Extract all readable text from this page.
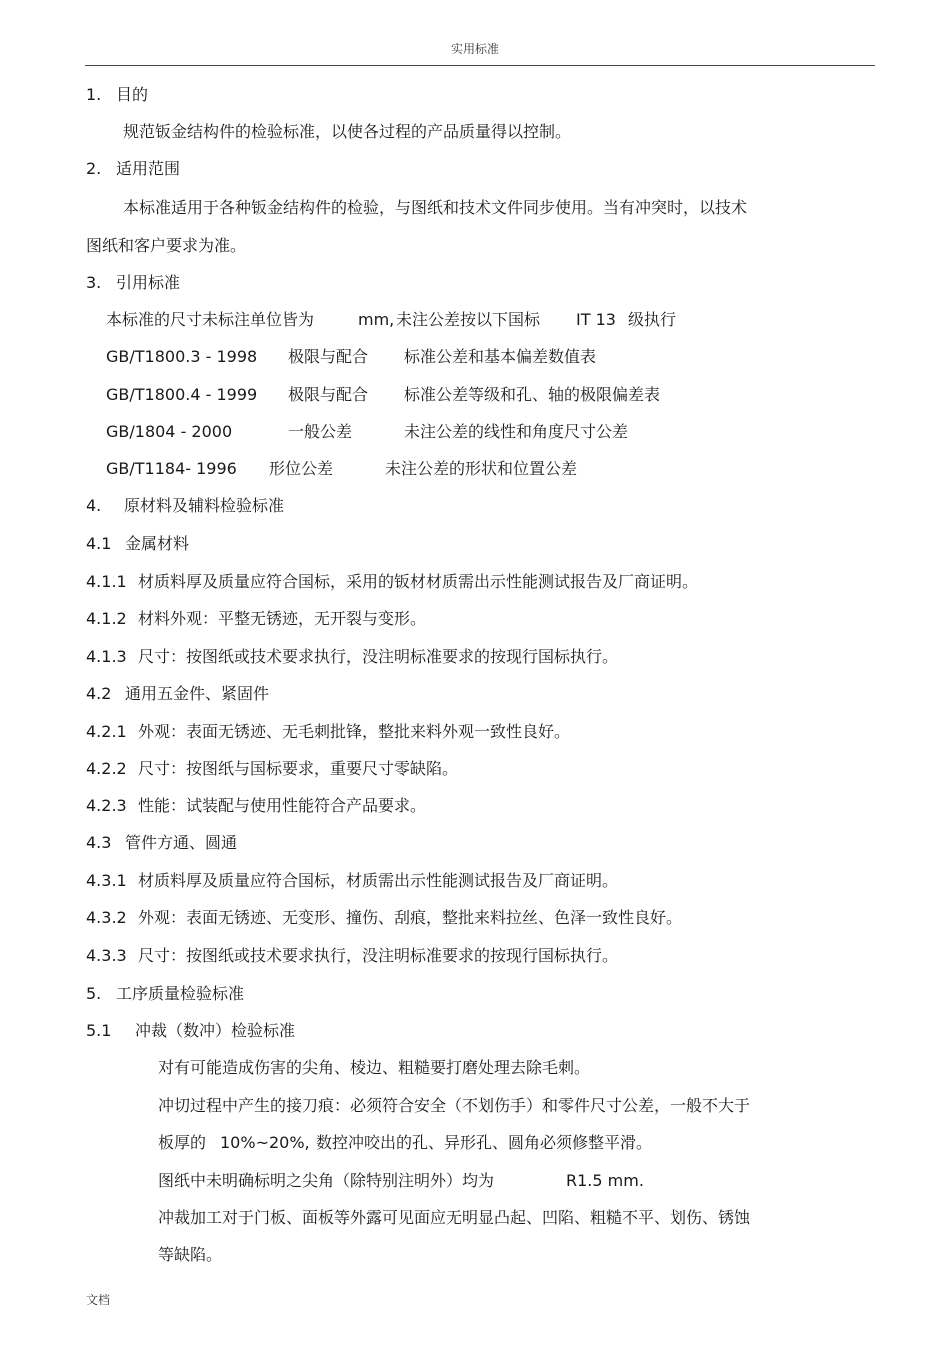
实用标准
1. 目的
规范钣金结构件的检验标准，以使各过程的产品质量得以控制。
2. 适用范围
本标准适用于各种钣金结构件的检验，与图纸和技术文件同步使用。当有冲突时，以技术
图纸和客户要求为准。
3. 引用标准
本标准的尺寸未标注单位皆为	mm, 未注公差按以下国标 IT 13 级执行
GB/T1800.3 - 1998 极限与配合 标准公差和基本偏差数值表
GB/T1800.4 - 1999 极限与配合 标准公差等级和孔、轴的极限偏差表
GB/1804 - 2000	一般公差	未注公差的线性和角度尺寸公差
GB/T1184- 1996 形位公差	未注公差的形状和位置公差
4. 原材料及辅料检验标准
4.1 金属材料
4.1.1 材质料厚及质量应符合国标，采用的钣材材质需出示性能测试报告及厂商证明。
4.1.2 材料外观：平整无锈迹，无开裂与变形。
4.1.3 尺寸：按图纸或技术要求执行，没注明标准要求的按现行国标执行。
4.2 通用五金件、紧固件
4.2.1 外观：表面无锈迹、无毛刺批锋，整批来料外观一致性良好。
4.2.2 尺寸：按图纸与国标要求，重要尺寸零缺陷。
4.2.3 性能：试装配与使用性能符合产品要求。
4.3 管件方通、圆通
4.3.1 材质料厚及质量应符合国标，材质需出示性能测试报告及厂商证明。
4.3.2 外观：表面无锈迹、无变形、撞伤、刮痕，整批来料拉丝、色泽一致性良好。
4.3.3 尺寸：按图纸或技术要求执行，没注明标准要求的按现行国标执行。
5. 工序质量检验标准
5.1 冲裁（数冲）检验标准
对有可能造成伤害的尖角、棱边、粗糙要打磨处理去除毛刺。
冲切过程中产生的接刀痕：必须符合安全（不划伤手）和零件尺寸公差，一般不大于
板厚的 10%~20%, 数控冲咬出的孔、异形孔、圆角必须修整平滑。
图纸中未明确标明之尖角（除特别注明外）均为	R1.5 mm.
冲裁加工对于门板、面板等外露可见面应无明显凸起、凹陷、粗糙不平、划伤、锈蚀
等缺陷。
文档
